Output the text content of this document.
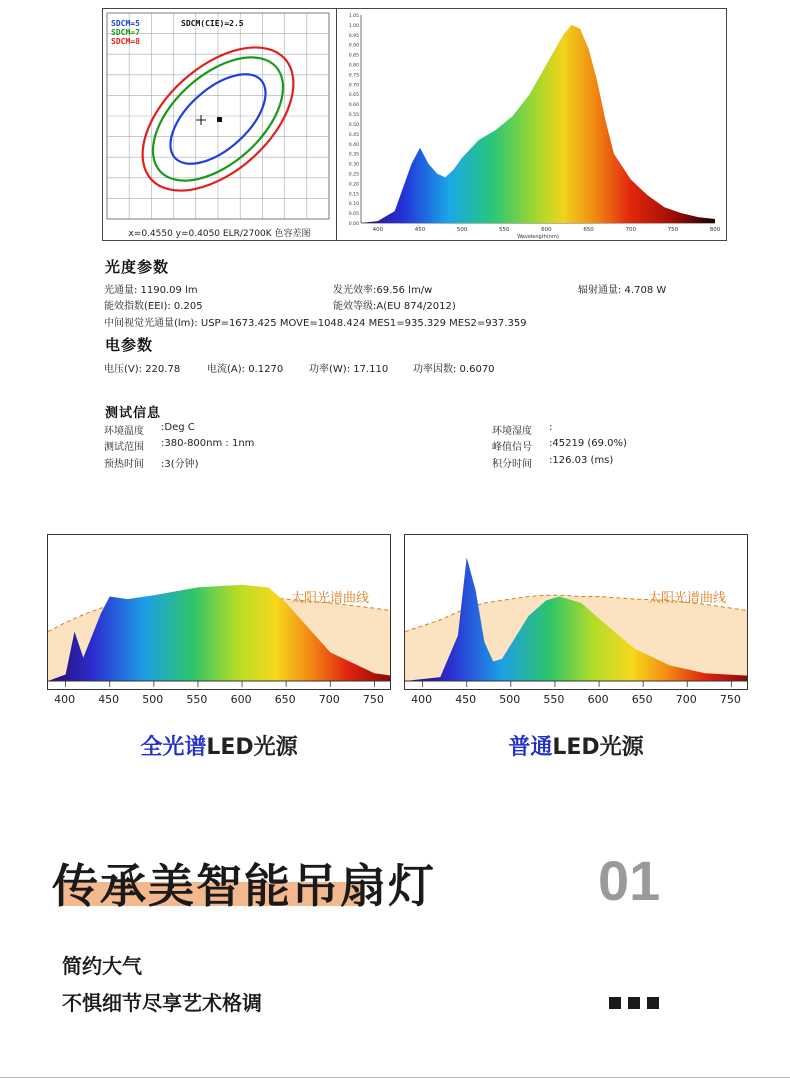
SDCM=5
SDCM=7
SDCM=8
SDCM(CIE)=2.5
x=0.4550 y=0.4050 ELR/2700K 色容差图
1.05
1.00
0.95
0.90
0.85
0.80
0.75
0.70
0.65
0.60
0.55
0.50
0.45
0.40
0.35
0.30
0.25
0.20
0.15
0.10
0.05
0.00
400	450	500	550	600	650	700	750	800
Wavelength(nm)
光度参数
光通量: 1190.09 lm	发光效率:69.56 lm/w	辐射通量: 4.708 W
能效指数(EEI): 0.205	能效等级:A(EU 874/2012)
中间视觉光通量(lm): USP=1673.425 MOVE=1048.424 MES1=935.329 MES2=937.359
电参数
电压(V): 220.78	电流(A): 0.1270	功率(W): 17.110 功率因数: 0.6070
测试信息
环境温度 :Deg C
测试范围 :380-800nm : 1nm
预热时间 :3(分钟)
环境湿度 :
峰值信号 :45219 (69.0%)
积分时间 :126.03 (ms)
太阳光谱曲线
400 450 500 550 600 650 700 750
太阳光谱曲线
400 450 500 550 600 650 700 750
全光谱LED光源	普通LED光源
传承美智能吊扇灯	01
简约大气
不惧细节尽享艺术格调
